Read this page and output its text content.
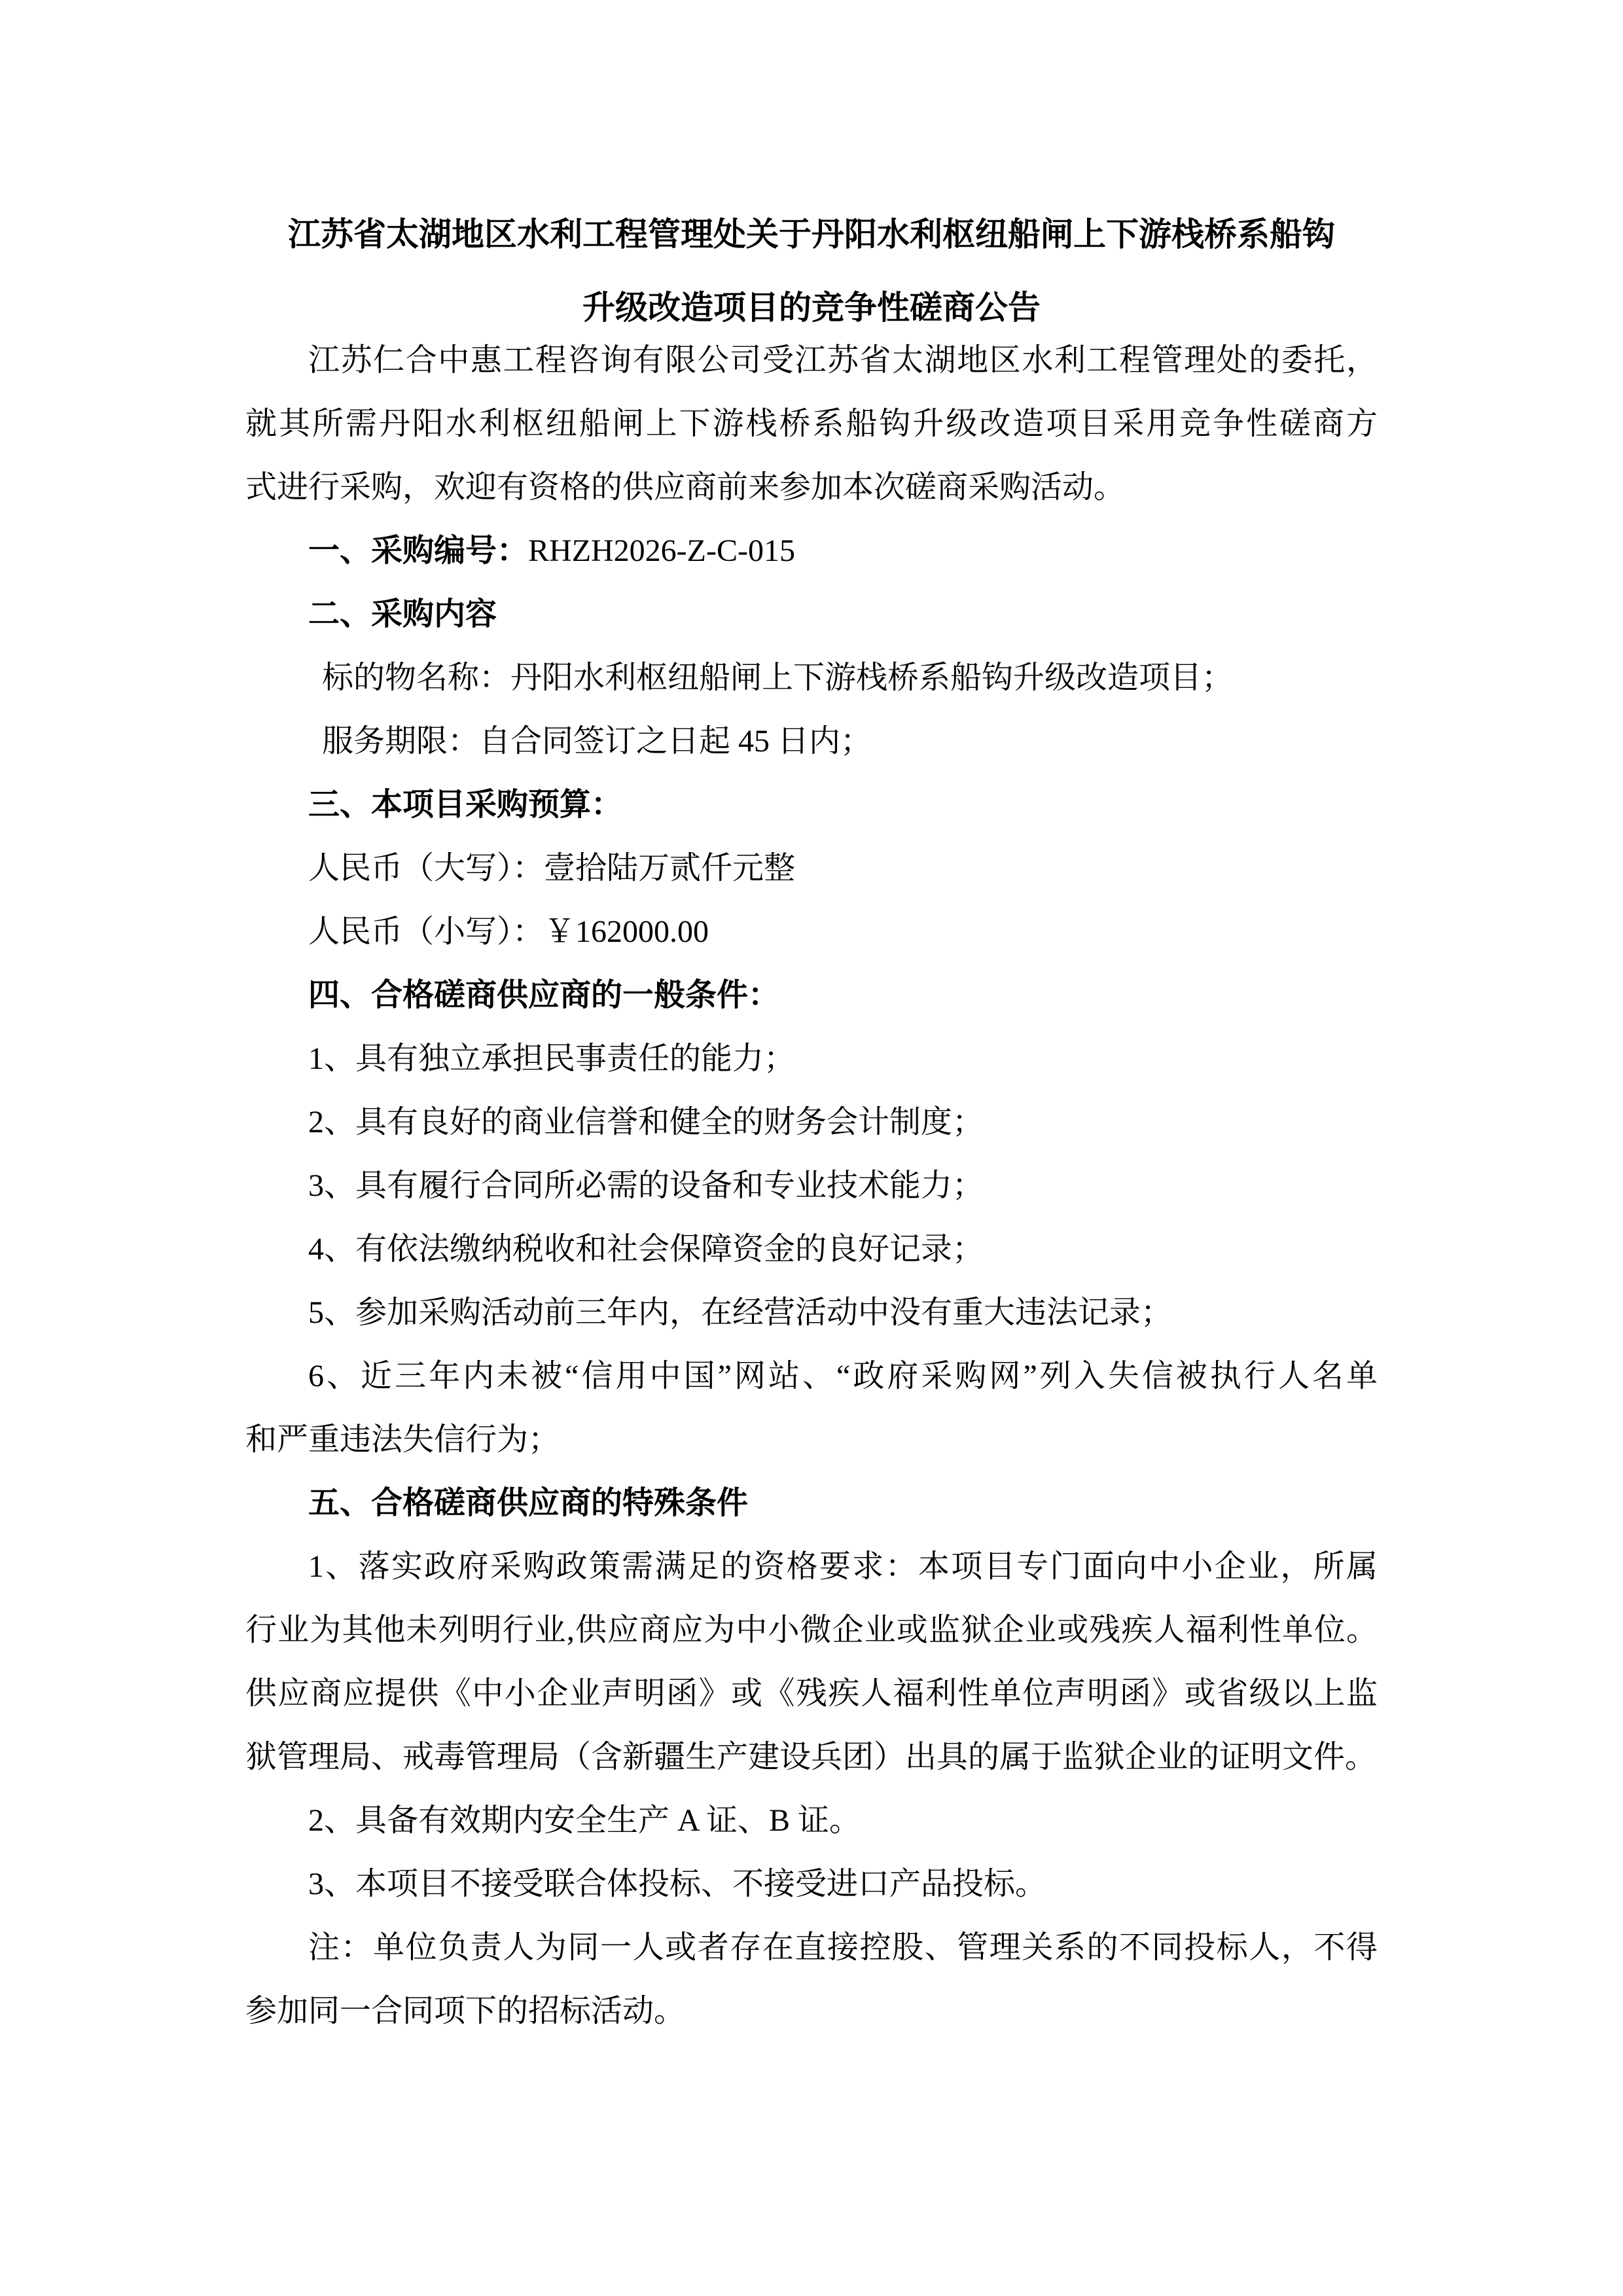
江苏省太湖地区水利工程管理处关于丹阳水利枢纽船闸上下游栈桥系船钩
升级改造项目的竞争性磋商公告
江苏仁合中惠工程咨询有限公司受江苏省太湖地区水利工程管理处的委托，
就其所需丹阳水利枢纽船闸上下游栈桥系船钩升级改造项目采用竞争性磋商方
式进行采购，欢迎有资格的供应商前来参加本次磋商采购活动。
一、采购编号：RHZH2026-Z-C-015
二、采购内容
标的物名称：丹阳水利枢纽船闸上下游栈桥系船钩升级改造项目；
服务期限：自合同签订之日起 45 日内；
三、本项目采购预算：
人民币（大写）：壹拾陆万贰仟元整
人民币（小写）：￥162000.00
四、合格磋商供应商的一般条件：
1、具有独立承担民事责任的能力；
2、具有良好的商业信誉和健全的财务会计制度；
3、具有履行合同所必需的设备和专业技术能力；
4、有依法缴纳税收和社会保障资金的良好记录；
5、参加采购活动前三年内，在经营活动中没有重大违法记录；
6、近三年内未被“信用中国”网站、“政府采购网”列入失信被执行人名单
和严重违法失信行为；
五、合格磋商供应商的特殊条件
1、落实政府采购政策需满足的资格要求：本项目专门面向中小企业，所属
行业为其他未列明行业,供应商应为中小微企业或监狱企业或残疾人福利性单位。
供应商应提供《中小企业声明函》或《残疾人福利性单位声明函》或省级以上监
狱管理局、戒毒管理局（含新疆生产建设兵团）出具的属于监狱企业的证明文件。
2、具备有效期内安全生产 A 证、B 证。
3、本项目不接受联合体投标、不接受进口产品投标。
注：单位负责人为同一人或者存在直接控股、管理关系的不同投标人，不得
参加同一合同项下的招标活动。
